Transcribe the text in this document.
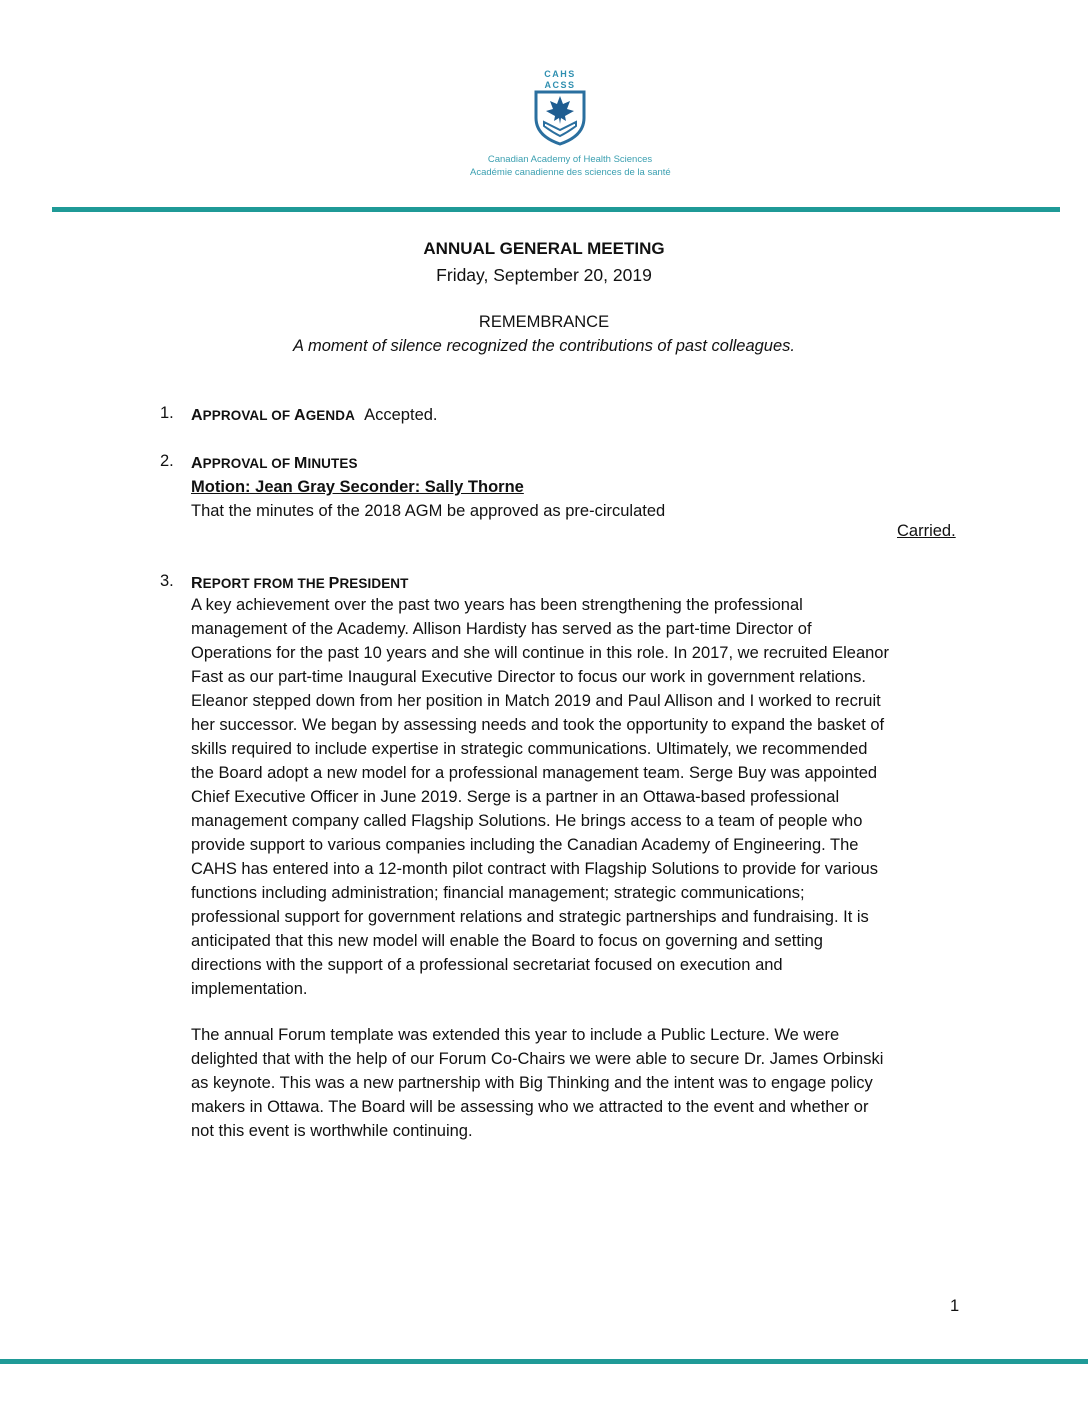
CAHS
ACSS
Canadian Academy of Health Sciences
Académie canadienne des sciences de la santé
ANNUAL GENERAL MEETING
Friday, September 20, 2019
REMEMBRANCE
A moment of silence recognized the contributions of past colleagues.
1. APPROVAL OF AGENDA Accepted.
2. APPROVAL OF MINUTES
Motion: Jean Gray Seconder: Sally Thorne
That the minutes of the 2018 AGM be approved as pre-circulated
Carried.
3. REPORT FROM THE PRESIDENT
A key achievement over the past two years has been strengthening the professional
management of the Academy. Allison Hardisty has served as the part-time Director of
Operations for the past 10 years and she will continue in this role. In 2017, we recruited Eleanor
Fast as our part-time Inaugural Executive Director to focus our work in government relations.
Eleanor stepped down from her position in Match 2019 and Paul Allison and I worked to recruit
her successor. We began by assessing needs and took the opportunity to expand the basket of
skills required to include expertise in strategic communications. Ultimately, we recommended
the Board adopt a new model for a professional management team. Serge Buy was appointed
Chief Executive Officer in June 2019. Serge is a partner in an Ottawa-based professional
management company called Flagship Solutions. He brings access to a team of people who
provide support to various companies including the Canadian Academy of Engineering. The
CAHS has entered into a 12-month pilot contract with Flagship Solutions to provide for various
functions including administration; financial management; strategic communications;
professional support for government relations and strategic partnerships and fundraising. It is
anticipated that this new model will enable the Board to focus on governing and setting
directions with the support of a professional secretariat focused on execution and
implementation.
The annual Forum template was extended this year to include a Public Lecture. We were
delighted that with the help of our Forum Co-Chairs we were able to secure Dr. James Orbinski
as keynote. This was a new partnership with Big Thinking and the intent was to engage policy
makers in Ottawa. The Board will be assessing who we attracted to the event and whether or
not this event is worthwhile continuing.
1
